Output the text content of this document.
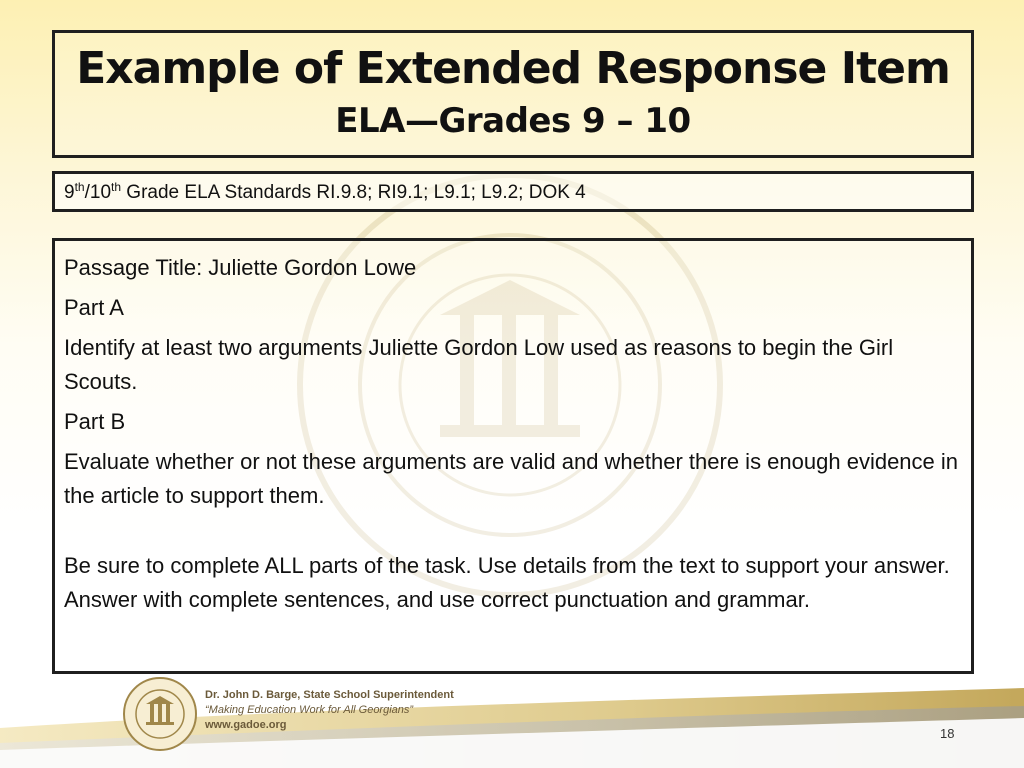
Example of Extended Response Item
ELA—Grades 9 – 10
9th/10th Grade ELA Standards RI.9.8; RI9.1; L9.1; L9.2; DOK 4

Passage Title: Juliette Gordon Lowe

Part A

Identify at least two arguments Juliette Gordon Low used as reasons to begin the Girl Scouts.

Part B

Evaluate whether or not these arguments are valid and whether there is enough evidence in the article to support them.

Be sure to complete ALL parts of the task. Use details from the text to support your answer. Answer with complete sentences, and use correct punctuation and grammar.

Dr. John D. Barge, State School Superintendent
“Making Education Work for All Georgians”
www.gadoe.org
18
